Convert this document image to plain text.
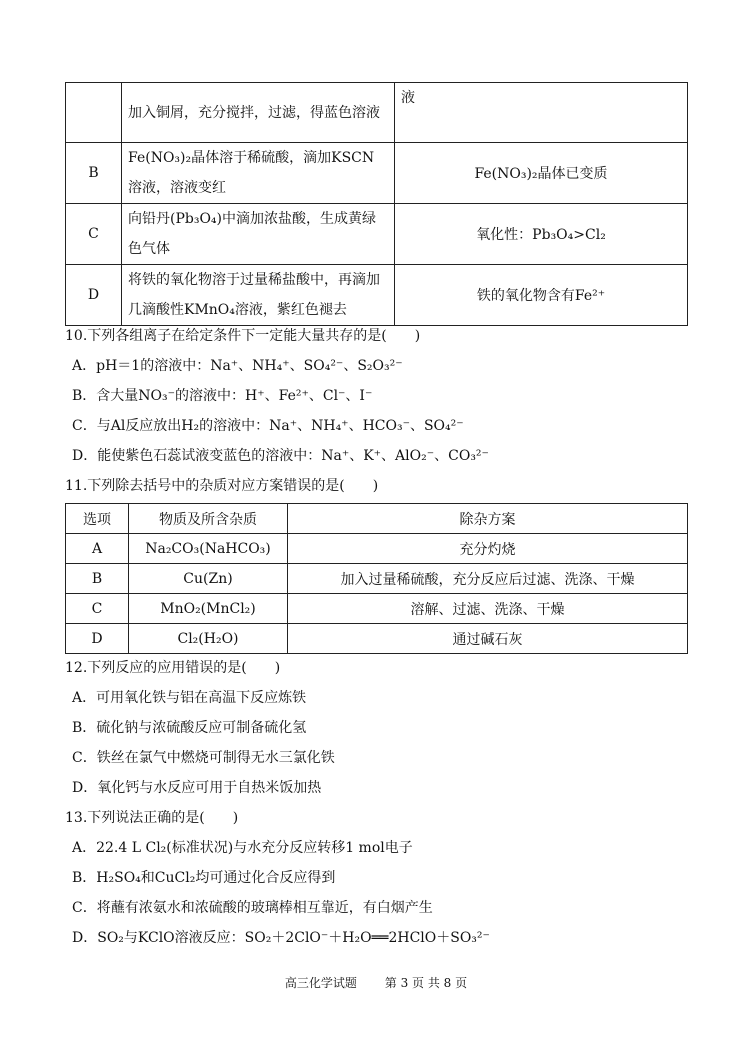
	加入铜屑，充分搅拌，过滤，得蓝色溶液	液
B	Fe(NO₃)₂晶体溶于稀硫酸，滴加KSCN溶液，溶液变红	Fe(NO₃)₂晶体已变质
C	向铅丹(Pb₃O₄)中滴加浓盐酸，生成黄绿色气体	氧化性：Pb₃O₄>Cl₂
D	将铁的氧化物溶于过量稀盐酸中，再滴加几滴酸性KMnO₄溶液，紫红色褪去	铁的氧化物含有Fe²⁺
10.下列各组离子在给定条件下一定能大量共存的是(　　)
A．pH＝1的溶液中：Na⁺、NH₄⁺、SO₄²⁻、S₂O₃²⁻
B．含大量NO₃⁻的溶液中：H⁺、Fe²⁺、Cl⁻、I⁻
C．与Al反应放出H₂的溶液中：Na⁺、NH₄⁺、HCO₃⁻、SO₄²⁻
D．能使紫色石蕊试液变蓝色的溶液中：Na⁺、K⁺、AlO₂⁻、CO₃²⁻
11.下列除去括号中的杂质对应方案错误的是(　　)
选项	物质及所含杂质	除杂方案
A	Na₂CO₃(NaHCO₃)	充分灼烧
B	Cu(Zn)	加入过量稀硫酸，充分反应后过滤、洗涤、干燥
C	MnO₂(MnCl₂)	溶解、过滤、洗涤、干燥
D	Cl₂(H₂O)	通过碱石灰
12.下列反应的应用错误的是(　　)
A．可用氧化铁与铝在高温下反应炼铁
B．硫化钠与浓硫酸反应可制备硫化氢
C．铁丝在氯气中燃烧可制得无水三氯化铁
D．氧化钙与水反应可用于自热米饭加热
13.下列说法正确的是(　　)
A．22.4 L Cl₂(标准状况)与水充分反应转移1 mol电子
B．H₂SO₄和CuCl₂均可通过化合反应得到
C．将蘸有浓氨水和浓硫酸的玻璃棒相互靠近，有白烟产生
D．SO₂与KClO溶液反应：SO₂＋2ClO⁻＋H₂O══2HClO＋SO₃²⁻
高三化学试题 第 3 页 共 8 页
